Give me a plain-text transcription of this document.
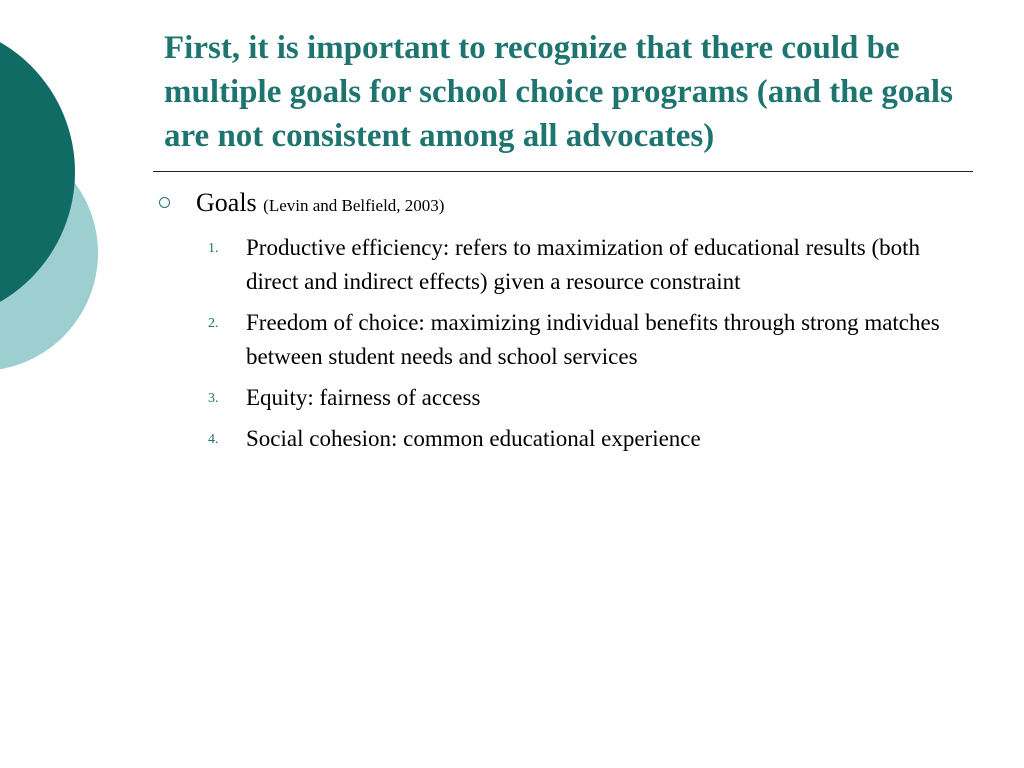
First, it is important to recognize that there could be multiple goals for school choice programs (and the goals are not consistent among all advocates)
Goals (Levin and Belfield, 2003)
1. Productive efficiency: refers to maximization of educational results (both direct and indirect effects) given a resource constraint
2. Freedom of choice: maximizing individual benefits through strong matches between student needs and school services
3. Equity: fairness of access
4. Social cohesion: common educational experience
